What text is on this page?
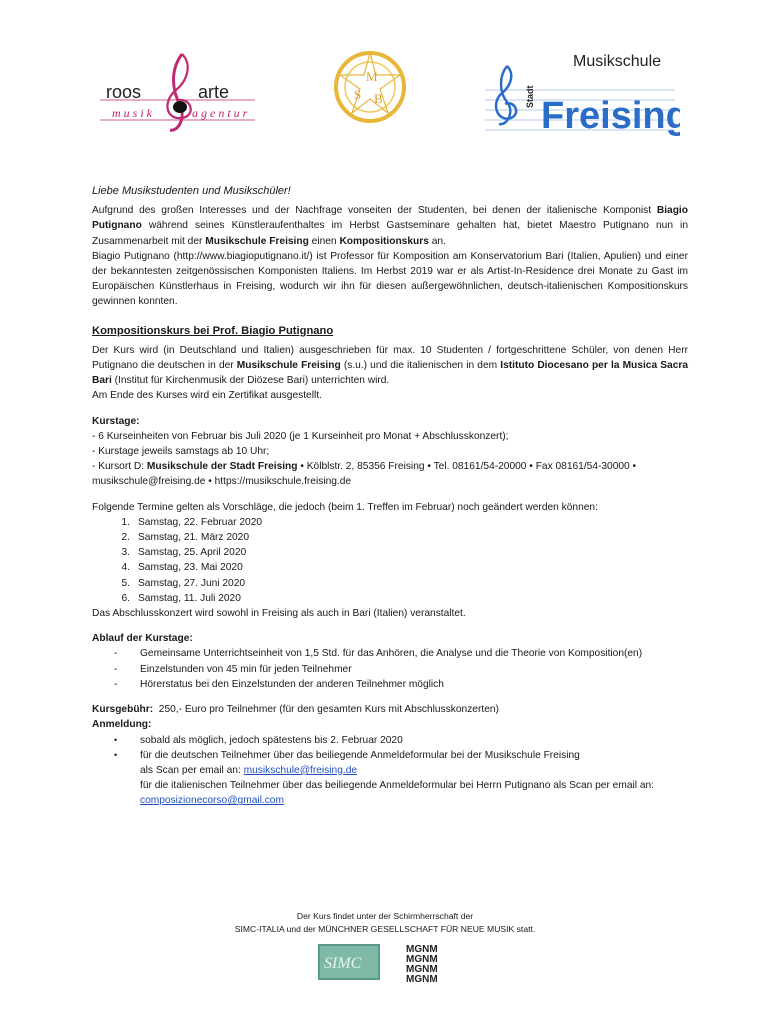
roos	arte
musik	agentur
M
S B
Musikschule
Stadt Freising
Liebe Musikstudenten und Musikschüler!
Aufgrund des großen Interesses und der Nachfrage vonseiten der Studenten, bei denen der italienische Komponist Biagio Putignano während seines Künstleraufenthaltes im Herbst Gastseminare gehalten hat, bietet Maestro Putignano nun in Zusammenarbeit mit der Musikschule Freising einen Kompositionskurs an.
Biagio Putignano (http://www.biagioputignano.it/) ist Professor für Komposition am Konservatorium Bari (Italien, Apulien) und einer der bekanntesten zeitgenössischen Komponisten Italiens. Im Herbst 2019 war er als Artist-In-Residence drei Monate zu Gast im Europäischen Künstlerhaus in Freising, wodurch wir ihn für diesen außergewöhnlichen, deutsch-italienischen Kompositionskurs gewinnen konnten.
Kompositionskurs bei Prof. Biagio Putignano
Der Kurs wird (in Deutschland und Italien) ausgeschrieben für max. 10 Studenten / fortgeschrittene Schüler, von denen Herr Putignano die deutschen in der Musikschule Freising (s.u.) und die italienischen in dem Istituto Diocesano per la Musica Sacra Bari (Institut für Kirchenmusik der Diözese Bari) unterrichten wird.
Am Ende des Kurses wird ein Zertifikat ausgestellt.
Kurstage:
- 6 Kurseinheiten von Februar bis Juli 2020 (je 1 Kurseinheit pro Monat + Abschlusskonzert);
- Kurstage jeweils samstags ab 10 Uhr;
- Kursort D: Musikschule der Stadt Freising • Kölblstr. 2, 85356 Freising • Tel. 08161/54-20000 • Fax 08161/54-30000 • musikschule@freising.de • https://musikschule.freising.de
Folgende Termine gelten als Vorschläge, die jedoch (beim 1. Treffen im Februar) noch geändert werden können:
1. Samstag, 22. Februar 2020
2. Samstag, 21. März 2020
3. Samstag, 25. April 2020
4. Samstag, 23. Mai 2020
5. Samstag, 27. Juni 2020
6. Samstag, 11. Juli 2020
Das Abschlusskonzert wird sowohl in Freising als auch in Bari (Italien) veranstaltet.
Ablauf der Kurstage:
-	Gemeinsame Unterrichtseinheit von 1,5 Std. für das Anhören, die Analyse und die Theorie von Komposition(en)
-	Einzelstunden von 45 min für jeden Teilnehmer
-	Hörerstatus bei den Einzelstunden der anderen Teilnehmer möglich
Kursgebühr: 250,- Euro pro Teilnehmer (für den gesamten Kurs mit Abschlusskonzerten)
Anmeldung:
•	sobald als möglich, jedoch spätestens bis 2. Februar 2020
•	für die deutschen Teilnehmer über das beiliegende Anmeldeformular bei der Musikschule Freising
als Scan per email an: musikschule@freising.de
für die italienischen Teilnehmer über das beiliegende Anmeldeformular bei Herrn Putignano als Scan per email an: composizionecorso@gmail.com
Der Kurs findet unter der Schirmherrschaft der
SIMC-ITALIA und der MÜNCHNER GESELLSCHAFT FÜR NEUE MUSIK statt.
SIMC
MGNM
MGNM
MGNM
MGNM
